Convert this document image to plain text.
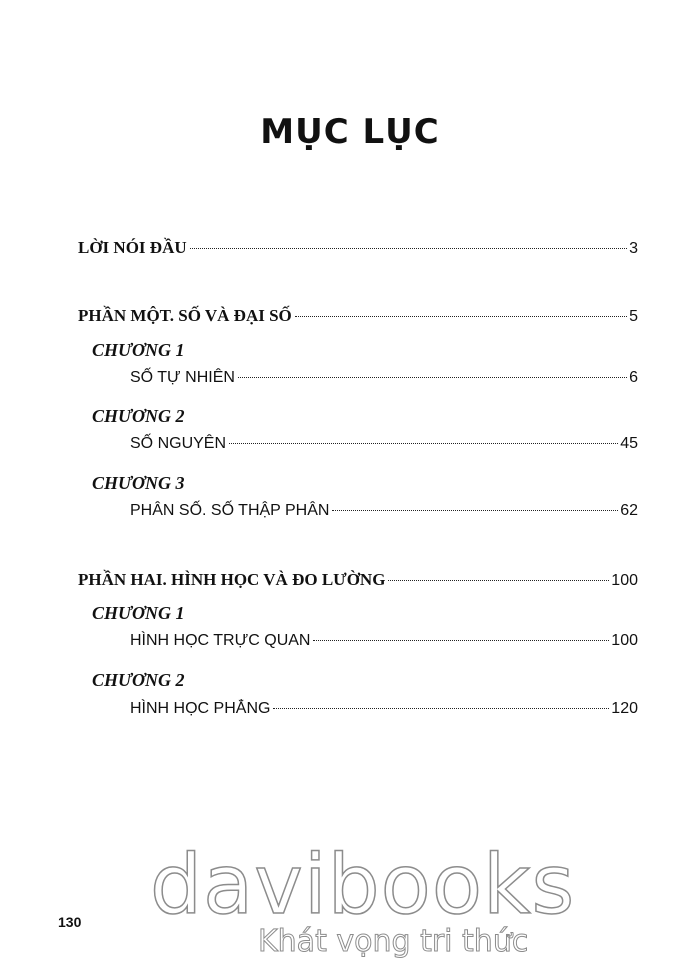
MỤC LỤC
LỜI NÓI ĐẦU	3
PHẦN MỘT. SỐ VÀ ĐẠI SỐ	5
CHƯƠNG 1
SỐ TỰ NHIÊN	6
CHƯƠNG 2
SỐ NGUYÊN	45
CHƯƠNG 3
PHÂN SỐ. SỐ THẬP PHÂN	62
PHẦN HAI. HÌNH HỌC VÀ ĐO LƯỜNG	100
CHƯƠNG 1
HÌNH HỌC TRỰC QUAN	100
CHƯƠNG 2
HÌNH HỌC PHẲNG	120
130 davibooks
Khát vọng tri thức
